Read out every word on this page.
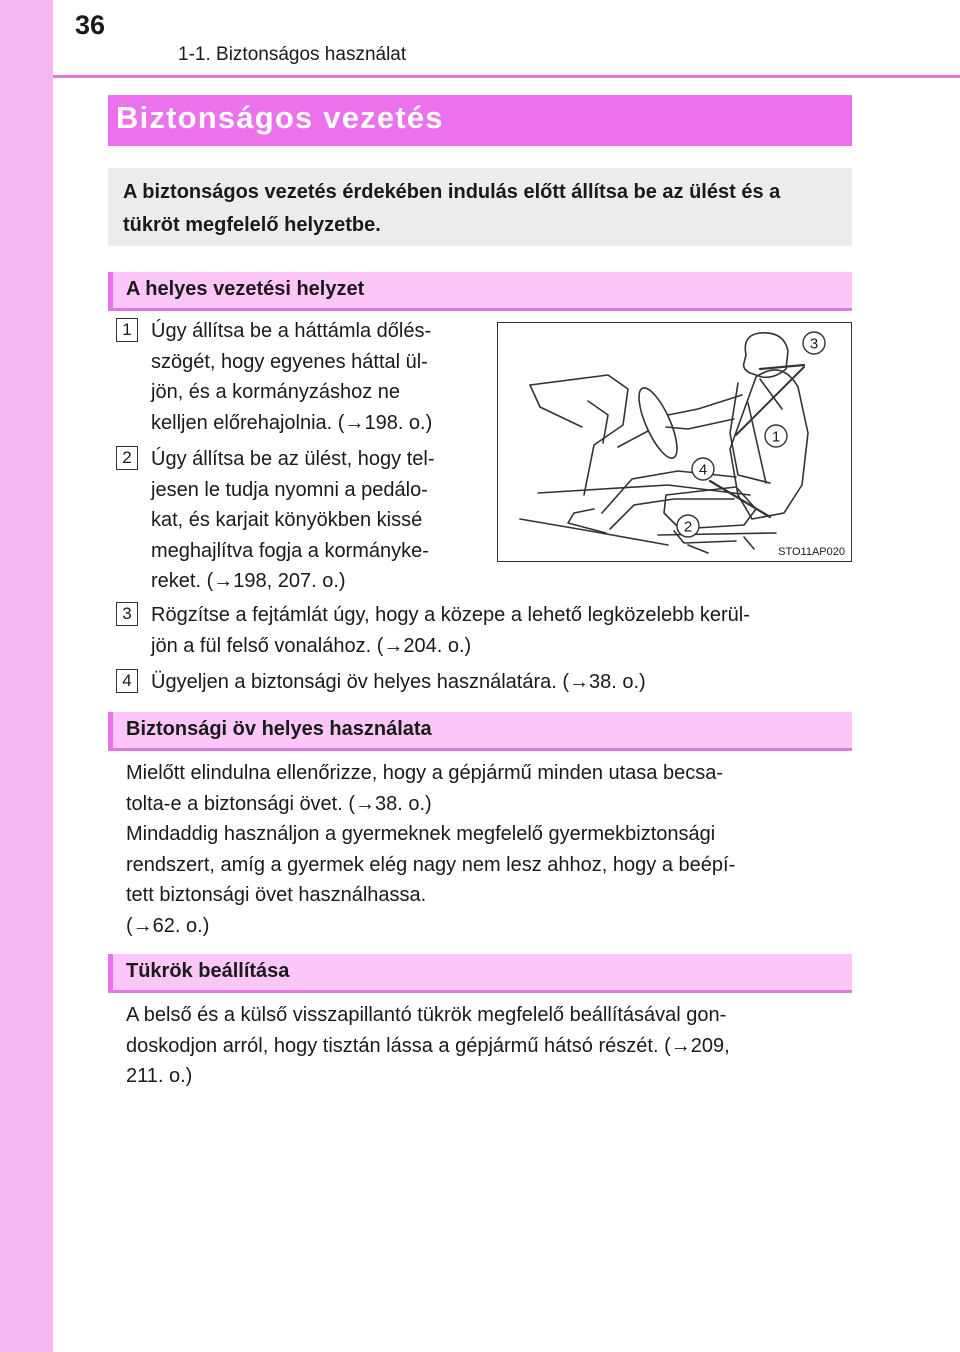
36
1-1. Biztonságos használat
Biztonságos vezetés
A biztonságos vezetés érdekében indulás előtt állítsa be az ülést és a tükröt megfelelő helyzetbe.
A helyes vezetési helyzet
1 Úgy állítsa be a háttámla dőlés-
szögét, hogy egyenes háttal ül-
jön, és a kormányzáshoz ne
kelljen előrehajolnia. (→198. o.)
2 Úgy állítsa be az ülést, hogy tel-
jesen le tudja nyomni a pedálo-
kat, és karjait könyökben kissé
meghajlítva fogja a kormányke-
reket. (→198, 207. o.)
3
1
4
2
STO11AP020
3 Rögzítse a fejtámlát úgy, hogy a közepe a lehető legközelebb kerül-
jön a fül felső vonalához. (→204. o.)
4 Ügyeljen a biztonsági öv helyes használatára. (→38. o.)
Biztonsági öv helyes használata
Mielőtt elindulna ellenőrizze, hogy a gépjármű minden utasa becsa-
tolta-e a biztonsági övet. (→38. o.)
Mindaddig használjon a gyermeknek megfelelő gyermekbiztonsági
rendszert, amíg a gyermek elég nagy nem lesz ahhoz, hogy a beépí-
tett biztonsági övet használhassa.
(→62. o.)
Tükrök beállítása
A belső és a külső visszapillantó tükrök megfelelő beállításával gon-
doskodjon arról, hogy tisztán lássa a gépjármű hátsó részét. (→209,
211. o.)
